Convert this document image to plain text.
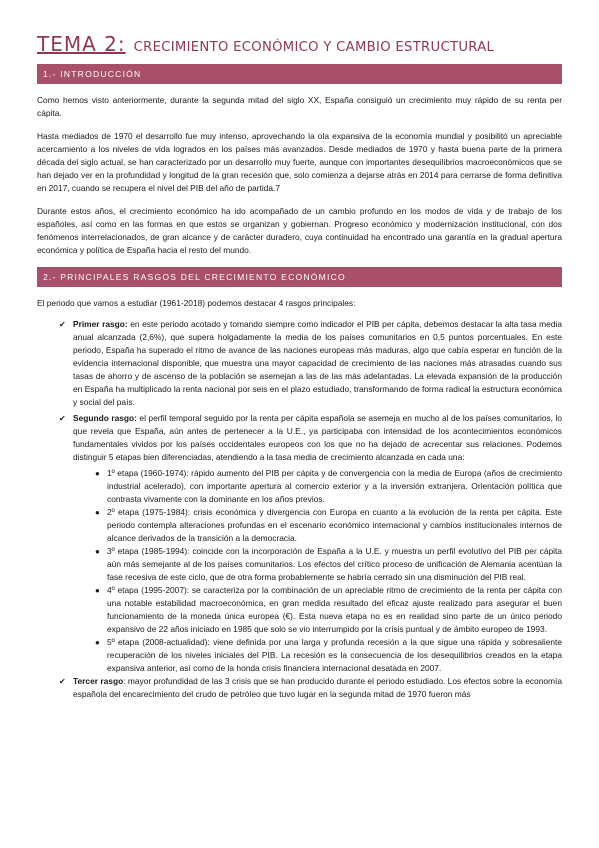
TEMA 2: CRECIMIENTO ECONÓMICO Y CAMBIO ESTRUCTURAL
1.- INTRODUCCIÓN

Como hemos visto anteriormente, durante la segunda mitad del siglo XX, España consiguió un crecimiento muy rápido de su renta per cápita.

Hasta mediados de 1970 el desarrollo fue muy intenso, aprovechando la ola expansiva de la economía mundial y posibilitó un apreciable acercamiento a los niveles de vida logrados en los países más avanzados. Desde mediados de 1970 y hasta buena parte de la primera década del siglo actual, se han caracterizado por un desarrollo muy fuerte, aunque con importantes desequilibrios macroeconómicos que se han dejado ver en la profundidad y longitud de la gran recesión que, solo comienza a dejarse atrás en 2014 para cerrarse de forma definitiva en 2017, cuando se recupera el nivel del PIB del año de partida.7

Durante estos años, el crecimiento económico ha ido acompañado de un cambio profundo en los modos de vida y de trabajo de los españoles, así como en las formas en que estos se organizan y gobiernan. Progreso económico y modernización institucional, con dos fenómenos interrelacionados, de gran alcance y de carácter duradero, cuya continuidad ha encontrado una garantía en la gradual apertura económica y política de España hacia el resto del mundo.

2.- PRINCIPALES RASGOS DEL CRECIMIENTO ECONÓMICO

El periodo que vamos a estudiar (1961-2018) podemos destacar 4 rasgos principales:

✔ Primer rasgo: en este periodo acotado y tomando siempre como indicador el PIB per cápita, debemos destacar la alta tasa media anual alcanzada (2,6%), que supera holgadamente la media de los países comunitarios en 0,5 puntos porcentuales. En este periodo, España ha superado el ritmo de avance de las naciones europeas más maduras, algo que cabía esperar en función de la evidencia internacional disponible, que muestra una mayor capacidad de crecimiento de las naciones más atrasadas cuando sus tasas de ahorro y de ascenso de la población se asemejan a las de las más adelantadas. La elevada expansión de la producción en España ha multiplicado la renta nacional por seis en el plazo estudiado, transformando de forma radical la estructura económica y social del país.
✔ Segundo rasgo: el perfil temporal seguido por la renta per cápita española se asemeja en mucho al de los países comunitarios, lo que revela que España, aún antes de pertenecer a la U.E., ya participaba con intensidad de los acontecimientos económicos fundamentales vividos por los países occidentales europeos con los que no ha dejado de acrecentar sus relaciones. Podemos distinguir 5 etapas bien diferenciadas, atendiendo a la tasa media de crecimiento alcanzada en cada una:
● 1º etapa (1960-1974): rápido aumento del PIB per cápita y de convergencia con la media de Europa (años de crecimiento industrial acelerado), con importante apertura al comercio exterior y a la inversión extranjera. Orientación política que contrasta vivamente con la dominante en los años previos.
● 2º etapa (1975-1984): crisis económica y divergencia con Europa en cuanto a la evolución de la renta per cápita. Este periodo contempla alteraciones profundas en el escenario económico internacional y cambios institucionales internos de alcance derivados de la transición a la democracia.
● 3º etapa (1985-1994): coincide con la incorporación de España a la U.E. y muestra un perfil evolutivo del PIB per cápita aún más semejante al de los países comunitarios. Los efectos del crítico proceso de unificación de Alemania acentúan la fase recesiva de este ciclo, que de otra forma probablemente se habría cerrado sin una disminución del PIB real.
● 4º etapa (1995-2007): se caracteriza por la combinación de un apreciable ritmo de crecimiento de la renta per cápita con una notable estabilidad macroeconómica, en gran medida resultado del eficaz ajuste realizado para asegurar el buen funcionamiento de la moneda única europea (€). Esta nueva etapa no es en realidad sino parte de un único periodo expansivo de 22 años iniciado en 1985 que solo se vio interrumpido por la crisis puntual y de ámbito europeo de 1993.
● 5º etapa (2008-actualidad): viene definida por una larga y profunda recesión a la que sigue una rápida y sobresaliente recuperación de los niveles iniciales del PIB. La recesión es la consecuencia de los desequilibrios creados en la etapa expansiva anterior, así como de la honda crisis financiera internacional desatada en 2007.
✔ Tercer rasgo: mayor profundidad de las 3 crisis que se han producido durante el periodo estudiado. Los efectos sobre la economía española del encarecimiento del crudo de petróleo que tuvo lugar en la segunda mitad de 1970 fueron más
